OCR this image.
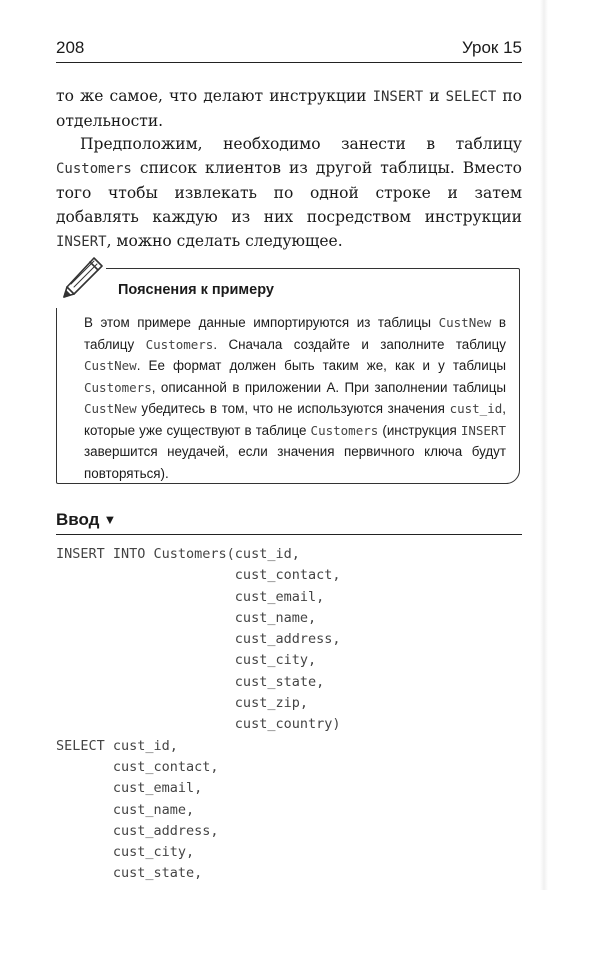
208	Урок 15

то же самое, что делают инструкции INSERT и SELECT по отдельности.

Предположим, необходимо занести в таблицу Customers список клиентов из другой таблицы. Вместо того чтобы извлекать по одной строке и затем добавлять каждую из них посредством инструкции INSERT, можно сделать следующее.

Пояснения к примеру

В этом примере данные импортируются из таблицы CustNew в таблицу Customers. Сначала создайте и заполните таблицу CustNew. Ее формат должен быть таким же, как и у таблицы Customers, описанной в приложении А. При заполнении таблицы CustNew убедитесь в том, что не используются значения cust_id, которые уже существуют в таблице Customers (инструкция INSERT завершится неудачей, если значения первичного ключа будут повторяться).

Ввод ▼
INSERT INTO Customers(cust_id,
cust_contact,
cust_email,
cust_name,
cust_address,
cust_city,
cust_state,
cust_zip,
cust_country)
SELECT cust_id,
cust_contact,
cust_email,
cust_name,
cust_address,
cust_city,
cust_state,
